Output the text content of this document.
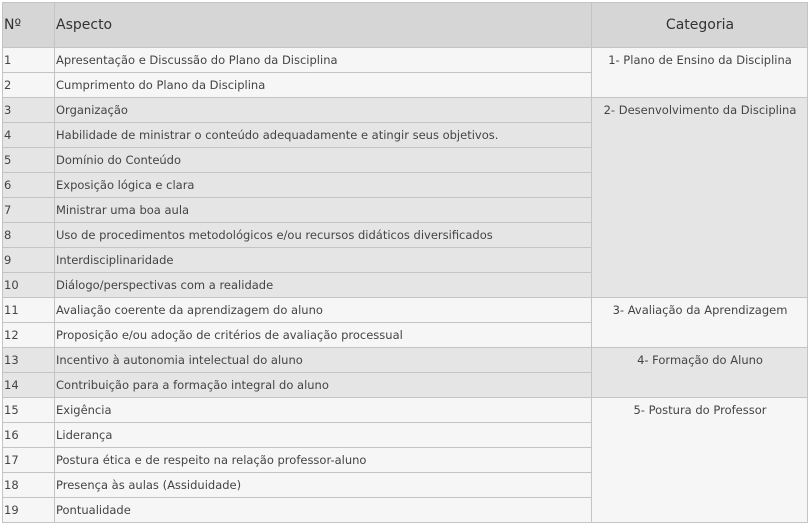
Nº	Aspecto	Categoria
1	Apresentação e Discussão do Plano da Disciplina	1- Plano de Ensino da Disciplina
2	Cumprimento do Plano da Disciplina	
3	Organização	2- Desenvolvimento da Disciplina
4	Habilidade de ministrar o conteúdo adequadamente e atingir seus objetivos.	
5	Domínio do Conteúdo	
6	Exposição lógica e clara	
7	Ministrar uma boa aula	
8	Uso de procedimentos metodológicos e/ou recursos didáticos diversificados	
9	Interdisciplinaridade	
10	Diálogo/perspectivas com a realidade	
11	Avaliação coerente da aprendizagem do aluno	3- Avaliação da Aprendizagem
12	Proposição e/ou adoção de critérios de avaliação processual	
13	Incentivo à autonomia intelectual do aluno	4- Formação do Aluno
14	Contribuição para a formação integral do aluno	
15	Exigência	5- Postura do Professor
16	Liderança	
17	Postura ética e de respeito na relação professor-aluno	
18	Presença às aulas (Assiduidade)	
19	Pontualidade	
